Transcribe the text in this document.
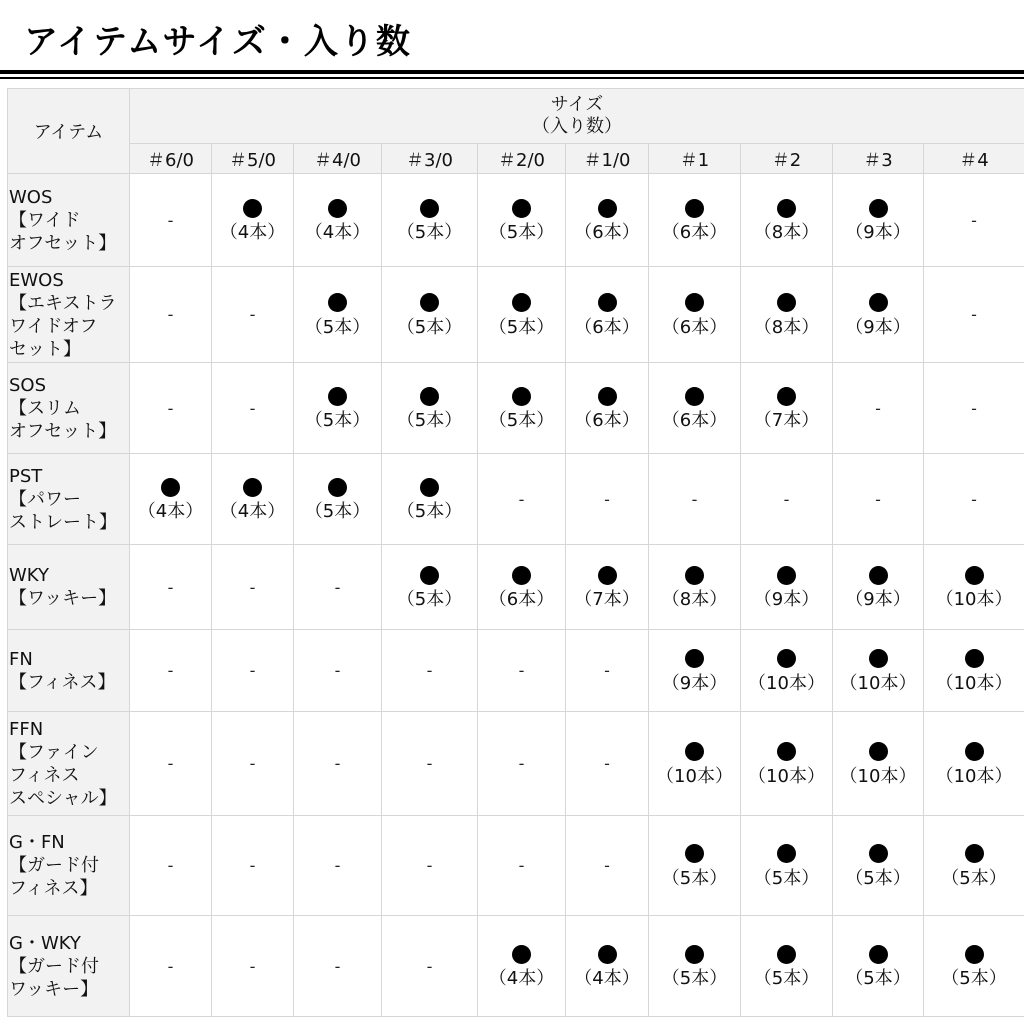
アイテムサイズ・入り数
アイテム	サイズ
（入り数）									

	＃6/0	＃5/0	＃4/0	＃3/0	＃2/0	＃1/0	＃1	＃2	＃3	＃4

WOS
【ワイド
オフセット】	-	（4本）	（4本）	（5本）	（5本）	（6本）	（6本）	（8本）	（9本）	-

EWOS
【エキストラ
ワイドオフ
セット】	-	-	（5本）	（5本）	（5本）	（6本）	（6本）	（8本）	（9本）	-

SOS
【スリム
オフセット】	-	-	（5本）	（5本）	（5本）	（6本）	（6本）	（7本）	-	-

PST
【パワー
ストレート】	（4本）	（4本）	（5本）	（5本）	-	-	-	-	-	-

WKY
【ワッキー】	-	-	-	（5本）	（6本）	（7本）	（8本）	（9本）	（9本）	（10本）

FN
【フィネス】	-	-	-	-	-	-	（9本）	（10本）	（10本）	（10本）

FFN
【ファイン
フィネス
スペシャル】	-	-	-	-	-	-	（10本）	（10本）	（10本）	（10本）

G・FN
【ガード付
フィネス】	-	-	-	-	-	-	（5本）	（5本）	（5本）	（5本）

G・WKY
【ガード付
ワッキー】	-	-	-	-	（4本）	（4本）	（5本）	（5本）	（5本）	（5本）
